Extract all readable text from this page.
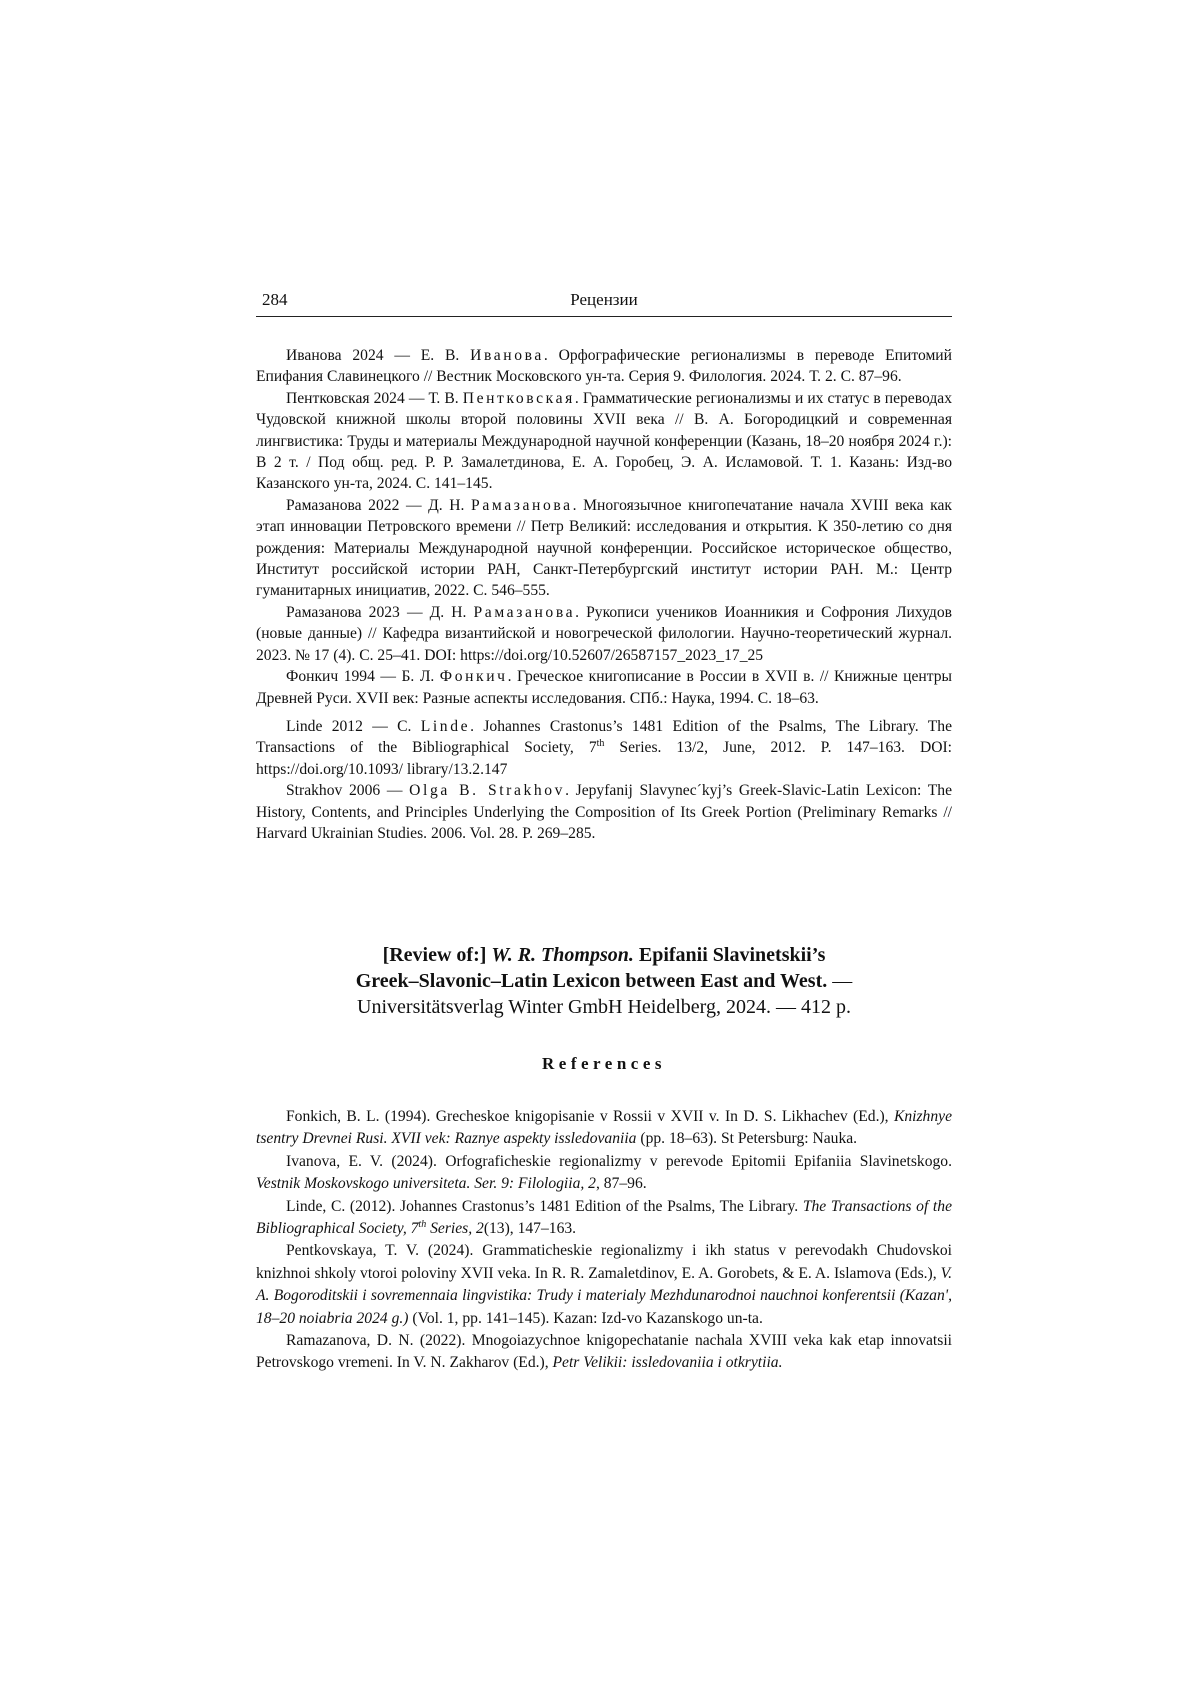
284	Рецензии

Иванова 2024 — Е. В. Иванова. Орфографические регионализмы в переводе Епитомий Епифания Славинецкого // Вестник Московского ун-та. Серия 9. Филология. 2024. Т. 2. С. 87–96.

Пентковская 2024 — Т. В. Пентковская. Грамматические регионализмы и их статус в переводах Чудовской книжной школы второй половины XVII века // В. А. Богородицкий и современная лингвистика: Труды и материалы Международной научной конференции (Казань, 18–20 ноября 2024 г.): В 2 т. / Под общ. ред. Р. Р. Замалетдинова, Е. А. Горобец, Э. А. Исламовой. Т. 1. Казань: Изд-во Казанского ун-та, 2024. С. 141–145.

Рамазанова 2022 — Д. Н. Рамазанова. Многоязычное книгопечатание начала XVIII века как этап инновации Петровского времени // Петр Великий: исследования и открытия. К 350-летию со дня рождения: Материалы Международной научной конференции. Российское историческое общество, Институт российской истории РАН, Санкт-Петербургский институт истории РАН. М.: Центр гуманитарных инициатив, 2022. С. 546–555.

Рамазанова 2023 — Д. Н. Рамазанова. Рукописи учеников Иоанникия и Софрония Лихудов (новые данные) // Кафедра византийской и новогреческой филологии. Научно-теоретический журнал. 2023. № 17 (4). С. 25–41. DOI: https://doi.org/10.52607/26587157_2023_17_25

Фонкич 1994 — Б. Л. Фонкич. Греческое книгописание в России в XVII в. // Книжные центры Древней Руси. XVII век: Разные аспекты исследования. СПб.: Наука, 1994. С. 18–63.

Linde 2012 — C. Linde. Johannes Crastonus’s 1481 Edition of the Psalms, The Library. The Transactions of the Bibliographical Society, 7th Series. 13/2, June, 2012. P. 147–163. DOI: https://doi.org/10.1093/ library/13.2.147

Strakhov 2006 — Olga B. Strakhov. Jepyfanij Slavynec´kyj’s Greek-Slavic-Latin Lexicon: The History, Contents, and Principles Underlying the Composition of Its Greek Portion (Preliminary Remarks // Harvard Ukrainian Studies. 2006. Vol. 28. P. 269–285.

[Review of:] W. R. Thompson. Epifanii Slavinetskii’s
Greek–Slavonic–Latin Lexicon between East and West. —
Universitätsverlag Winter GmbH Heidelberg, 2024. — 412 p.
References

Fonkich, B. L. (1994). Grecheskoe knigopisanie v Rossii v XVII v. In D. S. Likhachev (Ed.), Knizhnye tsentry Drevnei Rusi. XVII vek: Raznye aspekty issledovaniia (pp. 18–63). St Petersburg: Nauka.

Ivanova, E. V. (2024). Orfograficheskie regionalizmy v perevode Epitomii Epifaniia Slavinetskogo. Vestnik Moskovskogo universiteta. Ser. 9: Filologiia, 2, 87–96.

Linde, C. (2012). Johannes Crastonus’s 1481 Edition of the Psalms, The Library. The Transactions of the Bibliographical Society, 7th Series, 2(13), 147–163.

Pentkovskaya, T. V. (2024). Grammaticheskie regionalizmy i ikh status v perevodakh Chudovskoi knizhnoi shkoly vtoroi poloviny XVII veka. In R. R. Zamaletdinov, E. A. Gorobets, & E. A. Islamova (Eds.), V. A. Bogoroditskii i sovremennaia lingvistika: Trudy i materialy Mezhdunarodnoi nauchnoi konferentsii (Kazan', 18–20 noiabria 2024 g.) (Vol. 1, pp. 141–145). Kazan: Izd-vo Kazanskogo un-ta.

Ramazanova, D. N. (2022). Mnogoiazychnoe knigopechatanie nachala XVIII veka kak etap innovatsii Petrovskogo vremeni. In V. N. Zakharov (Ed.), Petr Velikii: issledovaniia i otkrytiia.
